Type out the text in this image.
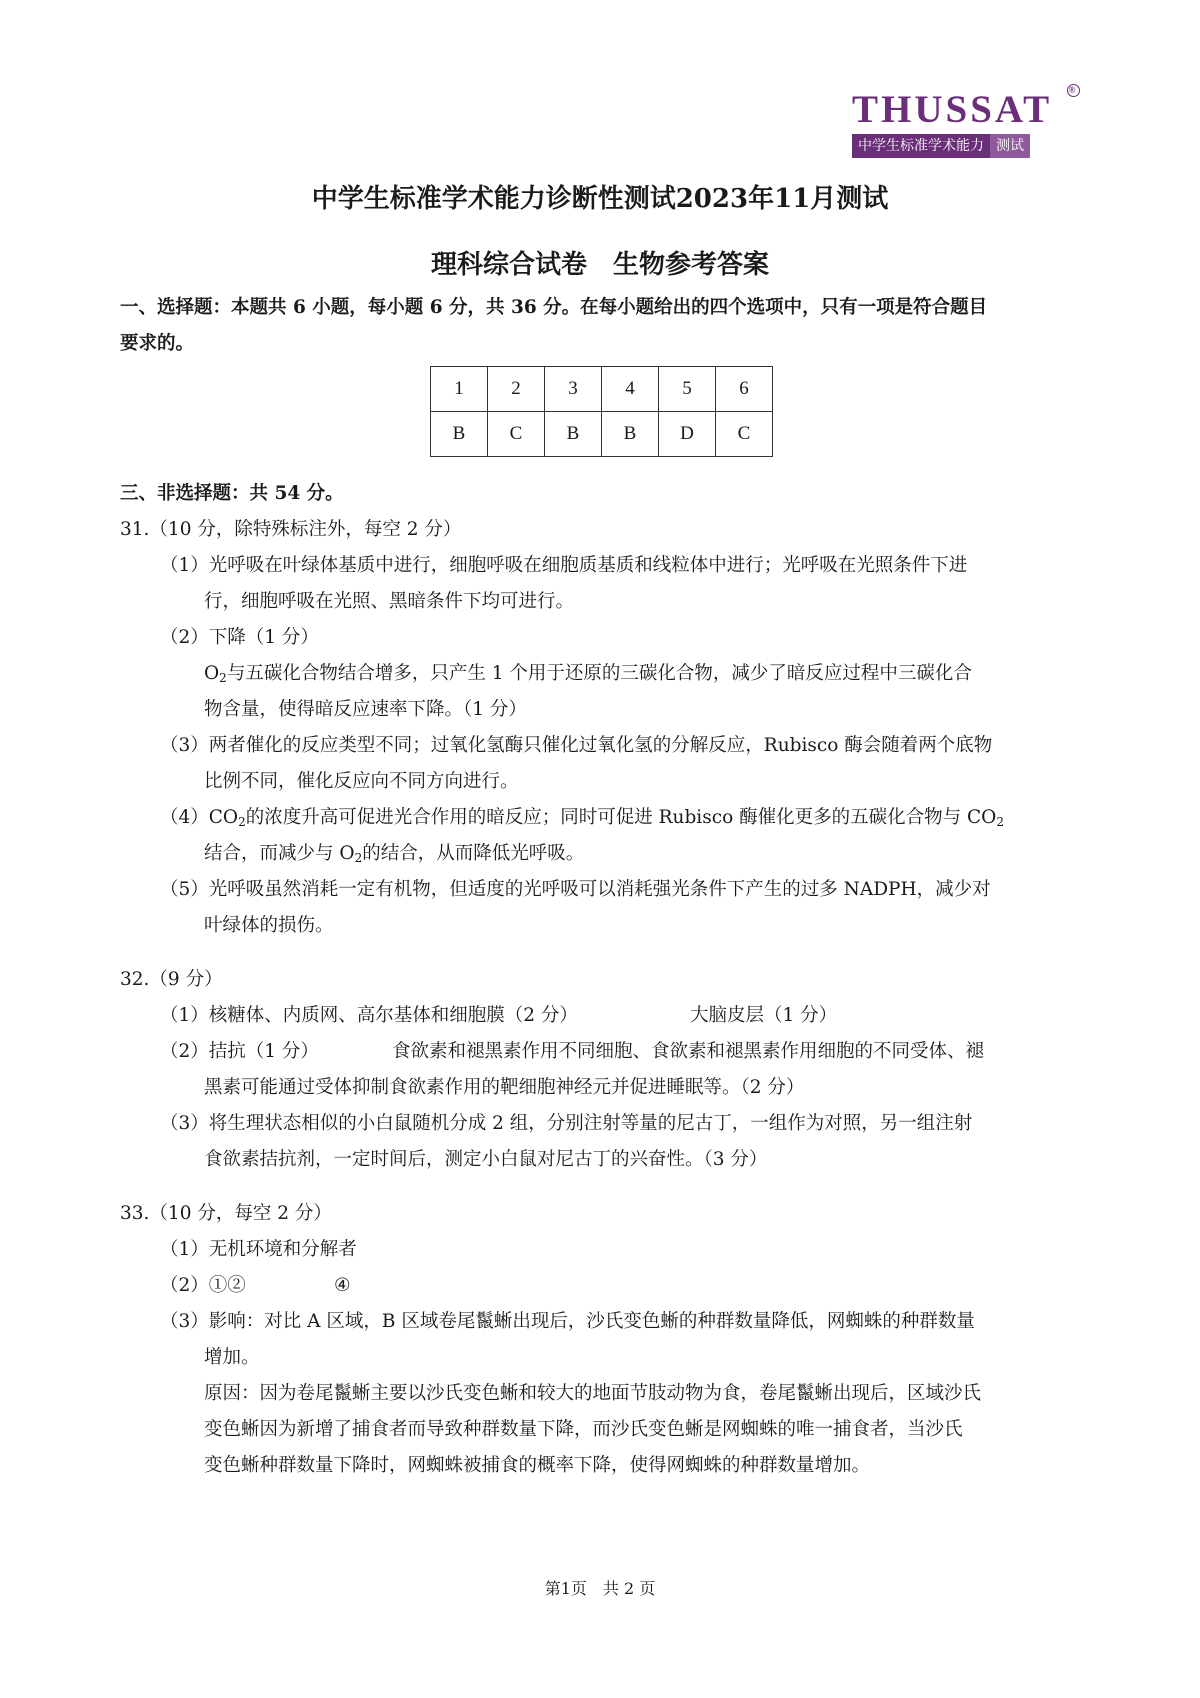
THUSSAT ®
中学生标准学术能力 测试
中学生标准学术能力诊断性测试2023年11月测试
理科综合试卷　生物参考答案
一、选择题：本题共 6 小题，每小题 6 分，共 36 分。在每小题给出的四个选项中，只有一项是符合题目
要求的。
1	2	3	4	5	6
B	C	B	B	D	C
三、非选择题：共 54 分。
31.（10 分，除特殊标注外，每空 2 分）
（1）光呼吸在叶绿体基质中进行，细胞呼吸在细胞质基质和线粒体中进行；光呼吸在光照条件下进
行，细胞呼吸在光照、黑暗条件下均可进行。
（2）下降（1 分）
$O_2$与五碳化合物结合增多，只产生 1 个用于还原的三碳化合物，减少了暗反应过程中三碳化合
物含量，使得暗反应速率下降。（1 分）
（3）两者催化的反应类型不同；过氧化氢酶只催化过氧化氢的分解反应，Rubisco 酶会随着两个底物
比例不同，催化反应向不同方向进行。
$(4)CO_2$的浓度升高可促进光合作用的暗反应；同时可促进 Rubisco 酶催化更多的五碳化合物与 $CO_2$
结合，而减少与 $O_2$的结合，从而降低光呼吸。
（5）光呼吸虽然消耗一定有机物，但适度的光呼吸可以消耗强光条件下产生的过多 NADPH，减少对
叶绿体的损伤。
32.（9 分）
（1）核糖体、内质网、高尔基体和细胞膜（2 分）	大脑皮层（1 分）
（2）拮抗（1 分）	食欲素和褪黑素作用不同细胞、食欲素和褪黑素作用细胞的不同受体、褪
黑素可能通过受体抑制食欲素作用的靶细胞神经元并促进睡眠等。（2 分）
（3）将生理状态相似的小白鼠随机分成 2 组，分别注射等量的尼古丁，一组作为对照，另一组注射
食欲素拮抗剂，一定时间后，测定小白鼠对尼古丁的兴奋性。（3 分）
33.（10 分，每空 2 分）
（1）无机环境和分解者
（2）①②	④
（3）影响：对比 A 区域，B 区域卷尾鬣蜥出现后，沙氏变色蜥的种群数量降低，网蜘蛛的种群数量
增加。
原因：因为卷尾鬣蜥主要以沙氏变色蜥和较大的地面节肢动物为食，卷尾鬣蜥出现后，区域沙氏
变色蜥因为新增了捕食者而导致种群数量下降，而沙氏变色蜥是网蜘蛛的唯一捕食者，当沙氏
变色蜥种群数量下降时，网蜘蛛被捕食的概率下降，使得网蜘蛛的种群数量增加。
第1页　共 2 页
